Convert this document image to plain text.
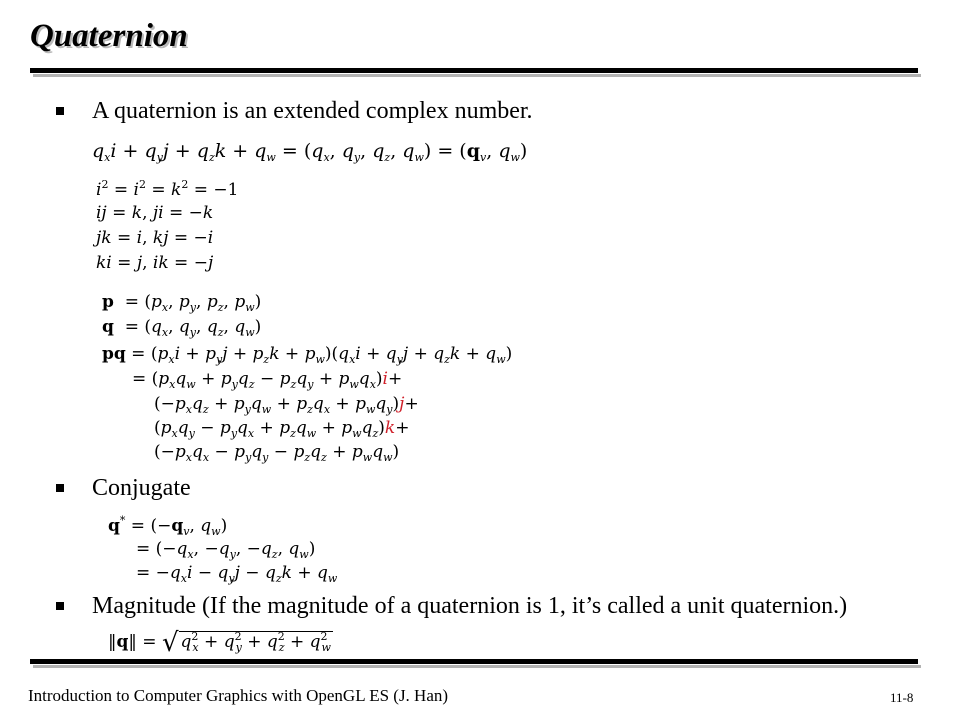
Quaternion
A quaternion is an extended complex number.
$q_xi + q_yj + q_zk + q_w = (q_x$, $q_y$, $q_z$, $q_w) = (q_v$, $q_w$)
$i^2 = i^2 = k^2 = -1$
ij = k, ji = −k
jk = i, kj = −i
ki = j, ik = −j
$p = (p_x$, $p_y$, $p_z$, $p_w$)
$q = (q_x$, $q_y$, $q_z$, $q_w$)
pq = $(p_xi + p_yj + p_zk + p_w)(q_xi + q_yj + q_zk + q_w)$
= $(p_xq_w + p_yq_z - p_zq_y + p_wq_x)i+$
$(-p_xq_z + p_yq_w + p_zq_x + p_wq_y)j+$
$(p_xq_y - p_yq_x + p_zq_w + p_wq_z)k+$
$(-p_xq_x - p_yq_y - p_zq_z + p_wq_w)$
Conjugate
$q^* = (-q_v$, $q_w$)
= ($-q_x$, $-q_y$, $-q_z$, $q_w$)
= $-q_xi - q_yj - q_zk + q_w$
Magnitude (If the magnitude of a quaternion is 1, it’s called a unit quaternion.)
‖q‖ = √ $q^2_x + q^2_y + q^2_z + q^2_w$
Introduction to Computer Graphics with OpenGL ES (J. Han)	11-8
